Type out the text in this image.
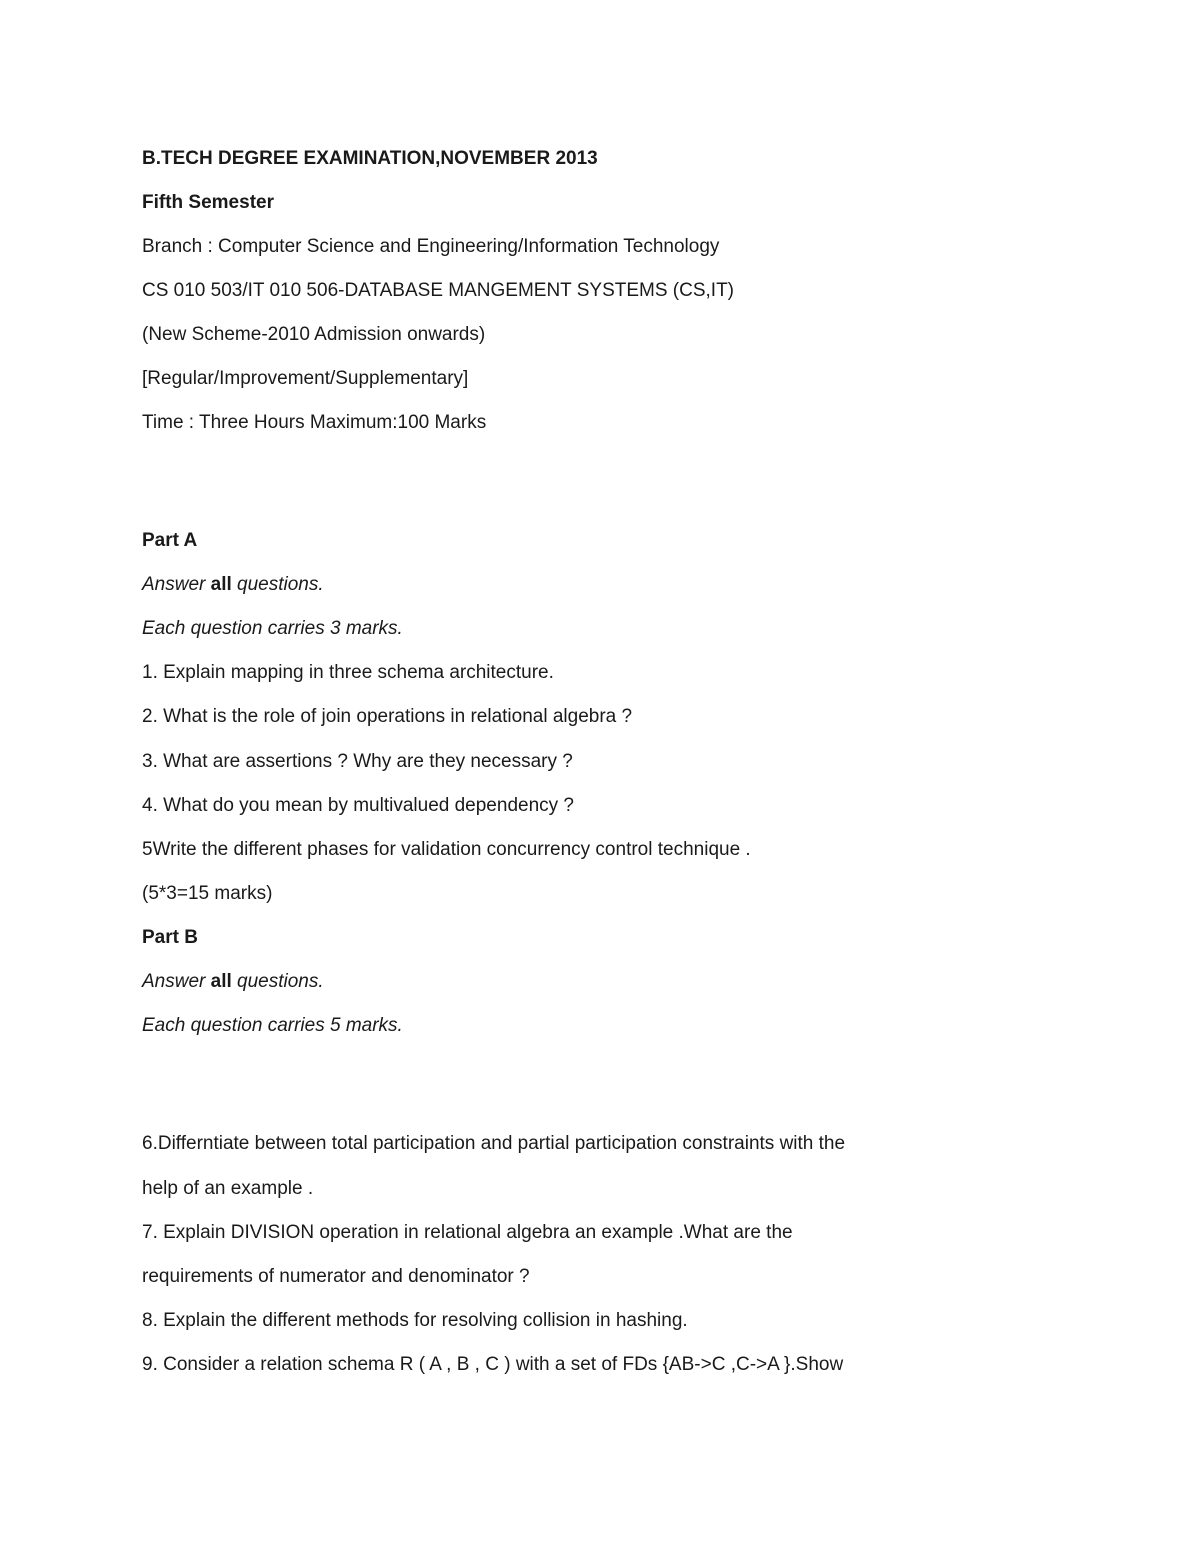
B.TECH DEGREE EXAMINATION,NOVEMBER 2013
Fifth Semester
Branch : Computer Science and Engineering/Information Technology
CS 010 503/IT 010 506-DATABASE MANGEMENT SYSTEMS (CS,IT)
(New Scheme-2010 Admission onwards)
[Regular/Improvement/Supplementary]
Time : Three Hours Maximum:100 Marks
Part A
Answer all questions.
Each question carries 3 marks.
1. Explain mapping in three schema architecture.
2. What is the role of join operations in relational algebra ?
3. What are assertions ? Why are they necessary ?
4. What do you mean by multivalued dependency ?
5Write the different phases for validation concurrency control technique .
(5*3=15 marks)
Part B
Answer all questions.
Each question carries 5 marks.
6.Differntiate between total participation and partial participation constraints with the
help of an example .
7. Explain DIVISION operation in relational algebra an example .What are the
requirements of numerator and denominator ?
8. Explain the different methods for resolving collision in hashing.
9. Consider a relation schema R ( A , B , C ) with a set of FDs {AB->C ,C->A }.Show
